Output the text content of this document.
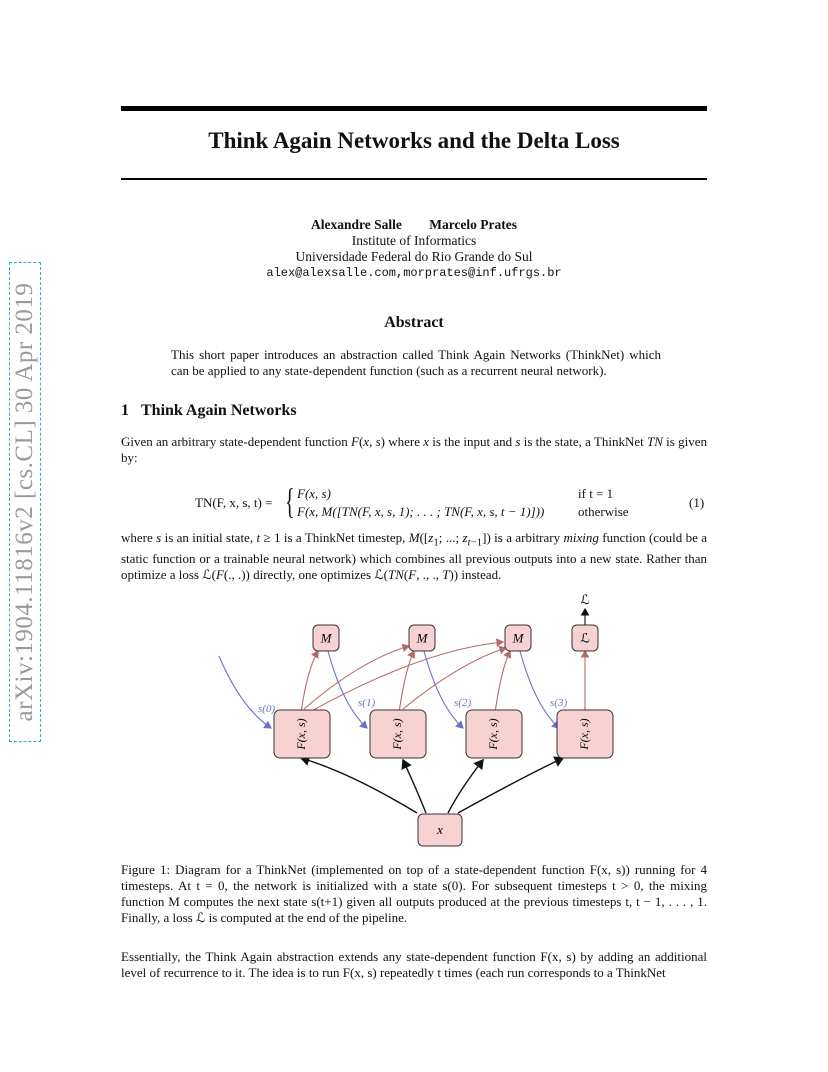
arXiv:1904.11816v2 [cs.CL] 30 Apr 2019
Think Again Networks and the Delta Loss
Alexandre Salle Marcelo Prates
Institute of Informatics
Universidade Federal do Rio Grande do Sul
alex@alexsalle.com,morprates@inf.ufrgs.br
Abstract
This short paper introduces an abstraction called Think Again Networks (ThinkNet) which can be applied to any state-dependent function (such as a recurrent neural network).
1 Think Again Networks
Given an arbitrary state-dependent function F(x, s) where x is the input and s is the state, a ThinkNet TN is given by:
TN(F, x, s, t) = { F(x, s)	if t = 1
F(x, M([TN(F, x, s, 1); . . . ; TN(F, x, s, t − 1)]))	otherwise
(1)
where s is an initial state, t ≥ 1 is a ThinkNet timestep, $M([z_1$; ...; $z_{t-1}$]) is a arbitrary mixing function (could be a static function or a trainable neural network) which combines all previous outputs into a new state. Rather than optimize a loss ℒ(F(., .)) directly, one optimizes ℒ(TN(F, ., ., T)) instead.
ℒ
M	M	M	ℒ
F(x, s)	F(x, s)	F(x, s)	F(x, s)
x
s(0)	s(1)	s(2)	s(3)
Figure 1: Diagram for a ThinkNet (implemented on top of a state-dependent function F(x, s)) running for 4 timesteps. At t = 0, the network is initialized with a state s(0). For subsequent timesteps t > 0, the mixing function M computes the next state s(t+1) given all outputs produced at the previous timesteps t, t − 1, . . . , 1. Finally, a loss ℒ is computed at the end of the pipeline.
Essentially, the Think Again abstraction extends any state-dependent function F(x, s) by adding an additional level of recurrence to it. The idea is to run F(x, s) repeatedly t times (each run corresponds to a ThinkNet
